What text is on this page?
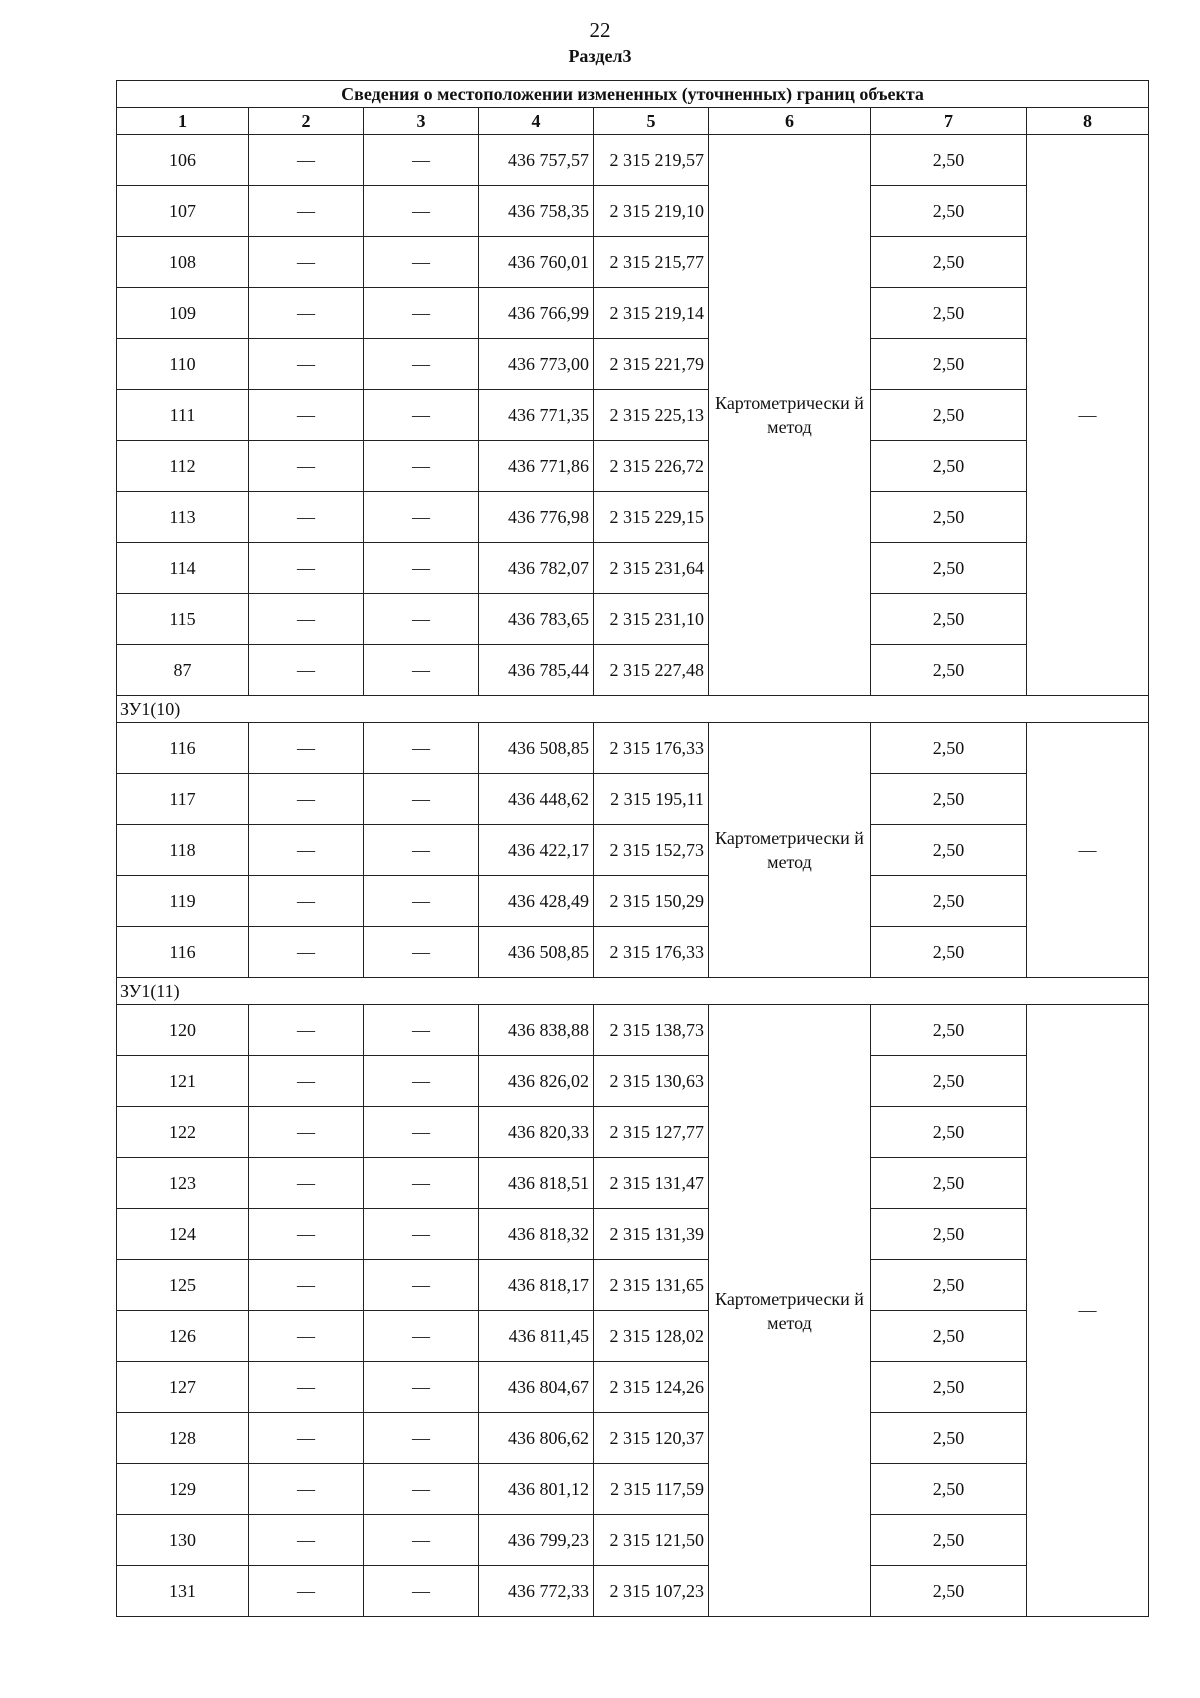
22
Раздел3
Сведения о местоположении измененных (уточненных) границ объекта							
1	2	3	4	5	6	7	8
106	—	—	436 757,57	2 315 219,57	Картометрически й метод	2,50	—
107	—	—	436 758,35	2 315 219,10		2,50	
108	—	—	436 760,01	2 315 215,77		2,50	
109	—	—	436 766,99	2 315 219,14		2,50	
110	—	—	436 773,00	2 315 221,79		2,50	
111	—	—	436 771,35	2 315 225,13		2,50	
112	—	—	436 771,86	2 315 226,72		2,50	
113	—	—	436 776,98	2 315 229,15		2,50	
114	—	—	436 782,07	2 315 231,64		2,50	
115	—	—	436 783,65	2 315 231,10		2,50	
87	—	—	436 785,44	2 315 227,48		2,50	
ЗУ1(10)							
116	—	—	436 508,85	2 315 176,33	Картометрически й метод	2,50	—
117	—	—	436 448,62	2 315 195,11		2,50	
118	—	—	436 422,17	2 315 152,73		2,50	
119	—	—	436 428,49	2 315 150,29		2,50	
116	—	—	436 508,85	2 315 176,33		2,50	
ЗУ1(11)							
120	—	—	436 838,88	2 315 138,73	Картометрически й метод	2,50	—
121	—	—	436 826,02	2 315 130,63		2,50	
122	—	—	436 820,33	2 315 127,77		2,50	
123	—	—	436 818,51	2 315 131,47		2,50	
124	—	—	436 818,32	2 315 131,39		2,50	
125	—	—	436 818,17	2 315 131,65		2,50	
126	—	—	436 811,45	2 315 128,02		2,50	
127	—	—	436 804,67	2 315 124,26		2,50	
128	—	—	436 806,62	2 315 120,37		2,50	
129	—	—	436 801,12	2 315 117,59		2,50	
130	—	—	436 799,23	2 315 121,50		2,50	
131	—	—	436 772,33	2 315 107,23		2,50	
